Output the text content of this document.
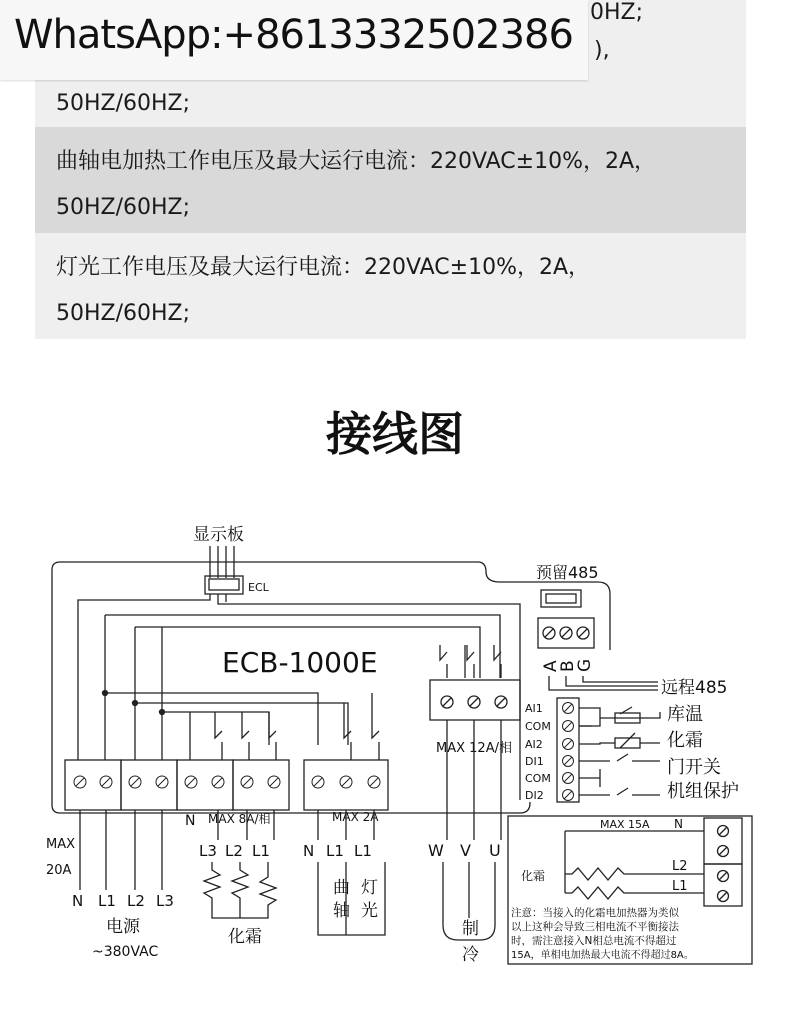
50HZ/60HZ;
0HZ;
),
曲轴电加热工作电压及最大运行电流：220VAC±10%，2A，
50HZ/60HZ;
灯光工作电压及最大运行电流：220VAC±10%，2A，
50HZ/60HZ;
WhatsApp:+8613332502386
接线图
显示板
ECL
预留485
A
B
G
远程485
ECB-1000E
MAX 12A/相
AI1
COM
AI2
DI1
COM
DI2
库温
化霜
门开关
机组保护
N MAX 8A/相	MAX 2A
MAX
20A
N L1 L2 L3
电源
~380VAC
L3 L2 L1
化霜
N L1 L1
曲
轴
灯
光
W V U
制
冷
MAX 15A N
L2
L1
化霜
注意：当接入的化霜电加热器为类似
以上这种会导致三相电流不平衡接法
时，需注意接入N相总电流不得超过
15A，单相电加热最大电流不得超过8A。
